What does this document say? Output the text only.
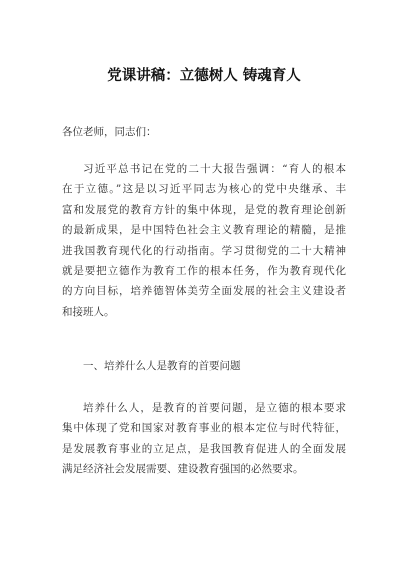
党课讲稿：立德树人 铸魂育人
各位老师，同志们：
习近平总书记在党的二十大报告强调：“育人的根本
在于立德。”这是以习近平同志为核心的党中央继承、丰
富和发展党的教育方针的集中体现，是党的教育理论创新
的最新成果，是中国特色社会主义教育理论的精髓，是推
进我国教育现代化的行动指南。学习贯彻党的二十大精神
就是要把立德作为教育工作的根本任务，作为教育现代化
的方向目标，培养德智体美劳全面发展的社会主义建设者
和接班人。
一、培养什么人是教育的首要问题
培养什么人，是教育的首要问题，是立德的根本要求
集中体现了党和国家对教育事业的根本定位与时代特征，
是发展教育事业的立足点，是我国教育促进人的全面发展
满足经济社会发展需要、建设教育强国的必然要求。
